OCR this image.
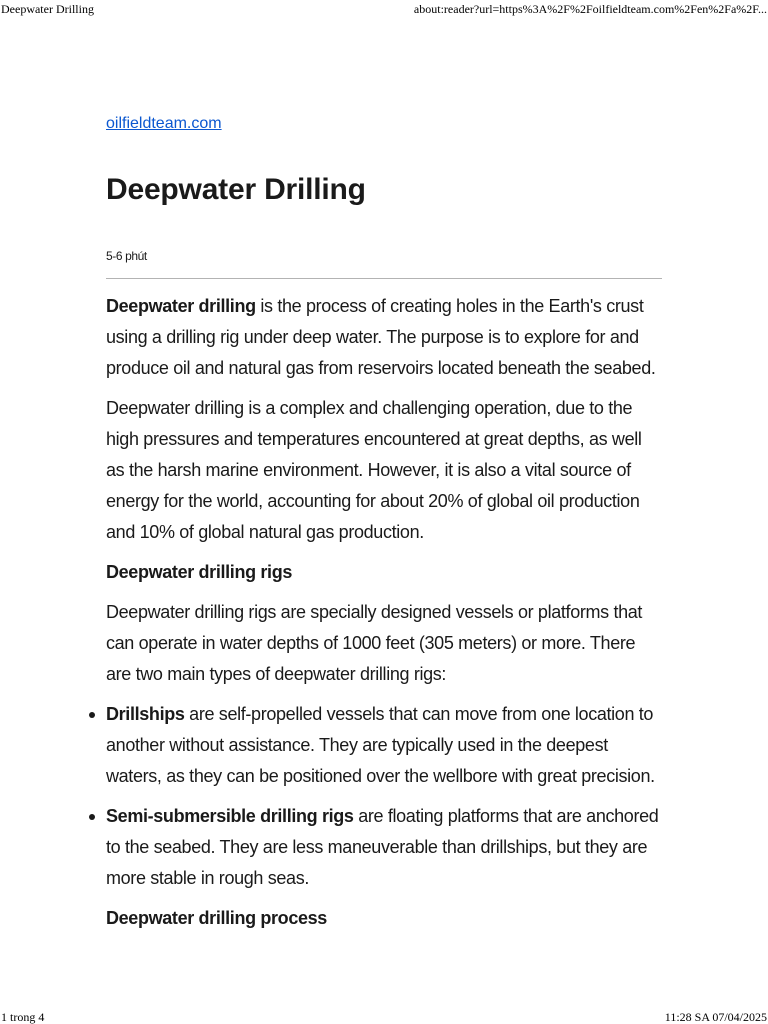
Deepwater Drilling	about:reader?url=https%3A%2F%2Foilfieldteam.com%2Fen%2Fa%2F...
oilfieldteam.com
Deepwater Drilling
5-6 phút

Deepwater drilling is the process of creating holes in the Earth's crust using a drilling rig under deep water. The purpose is to explore for and produce oil and natural gas from reservoirs located beneath the seabed.

Deepwater drilling is a complex and challenging operation, due to the high pressures and temperatures encountered at great depths, as well as the harsh marine environment. However, it is also a vital source of energy for the world, accounting for about 20% of global oil production and 10% of global natural gas production.

Deepwater drilling rigs

Deepwater drilling rigs are specially designed vessels or platforms that can operate in water depths of 1000 feet (305 meters) or more. There are two main types of deepwater drilling rigs:

Drillships are self-propelled vessels that can move from one location to another without assistance. They are typically used in the deepest waters, as they can be positioned over the wellbore with great precision.
Semi-submersible drilling rigs are floating platforms that are anchored to the seabed. They are less maneuverable than drillships, but they are more stable in rough seas.
Deepwater drilling process
1 trong 4	11:28 SA 07/04/2025
